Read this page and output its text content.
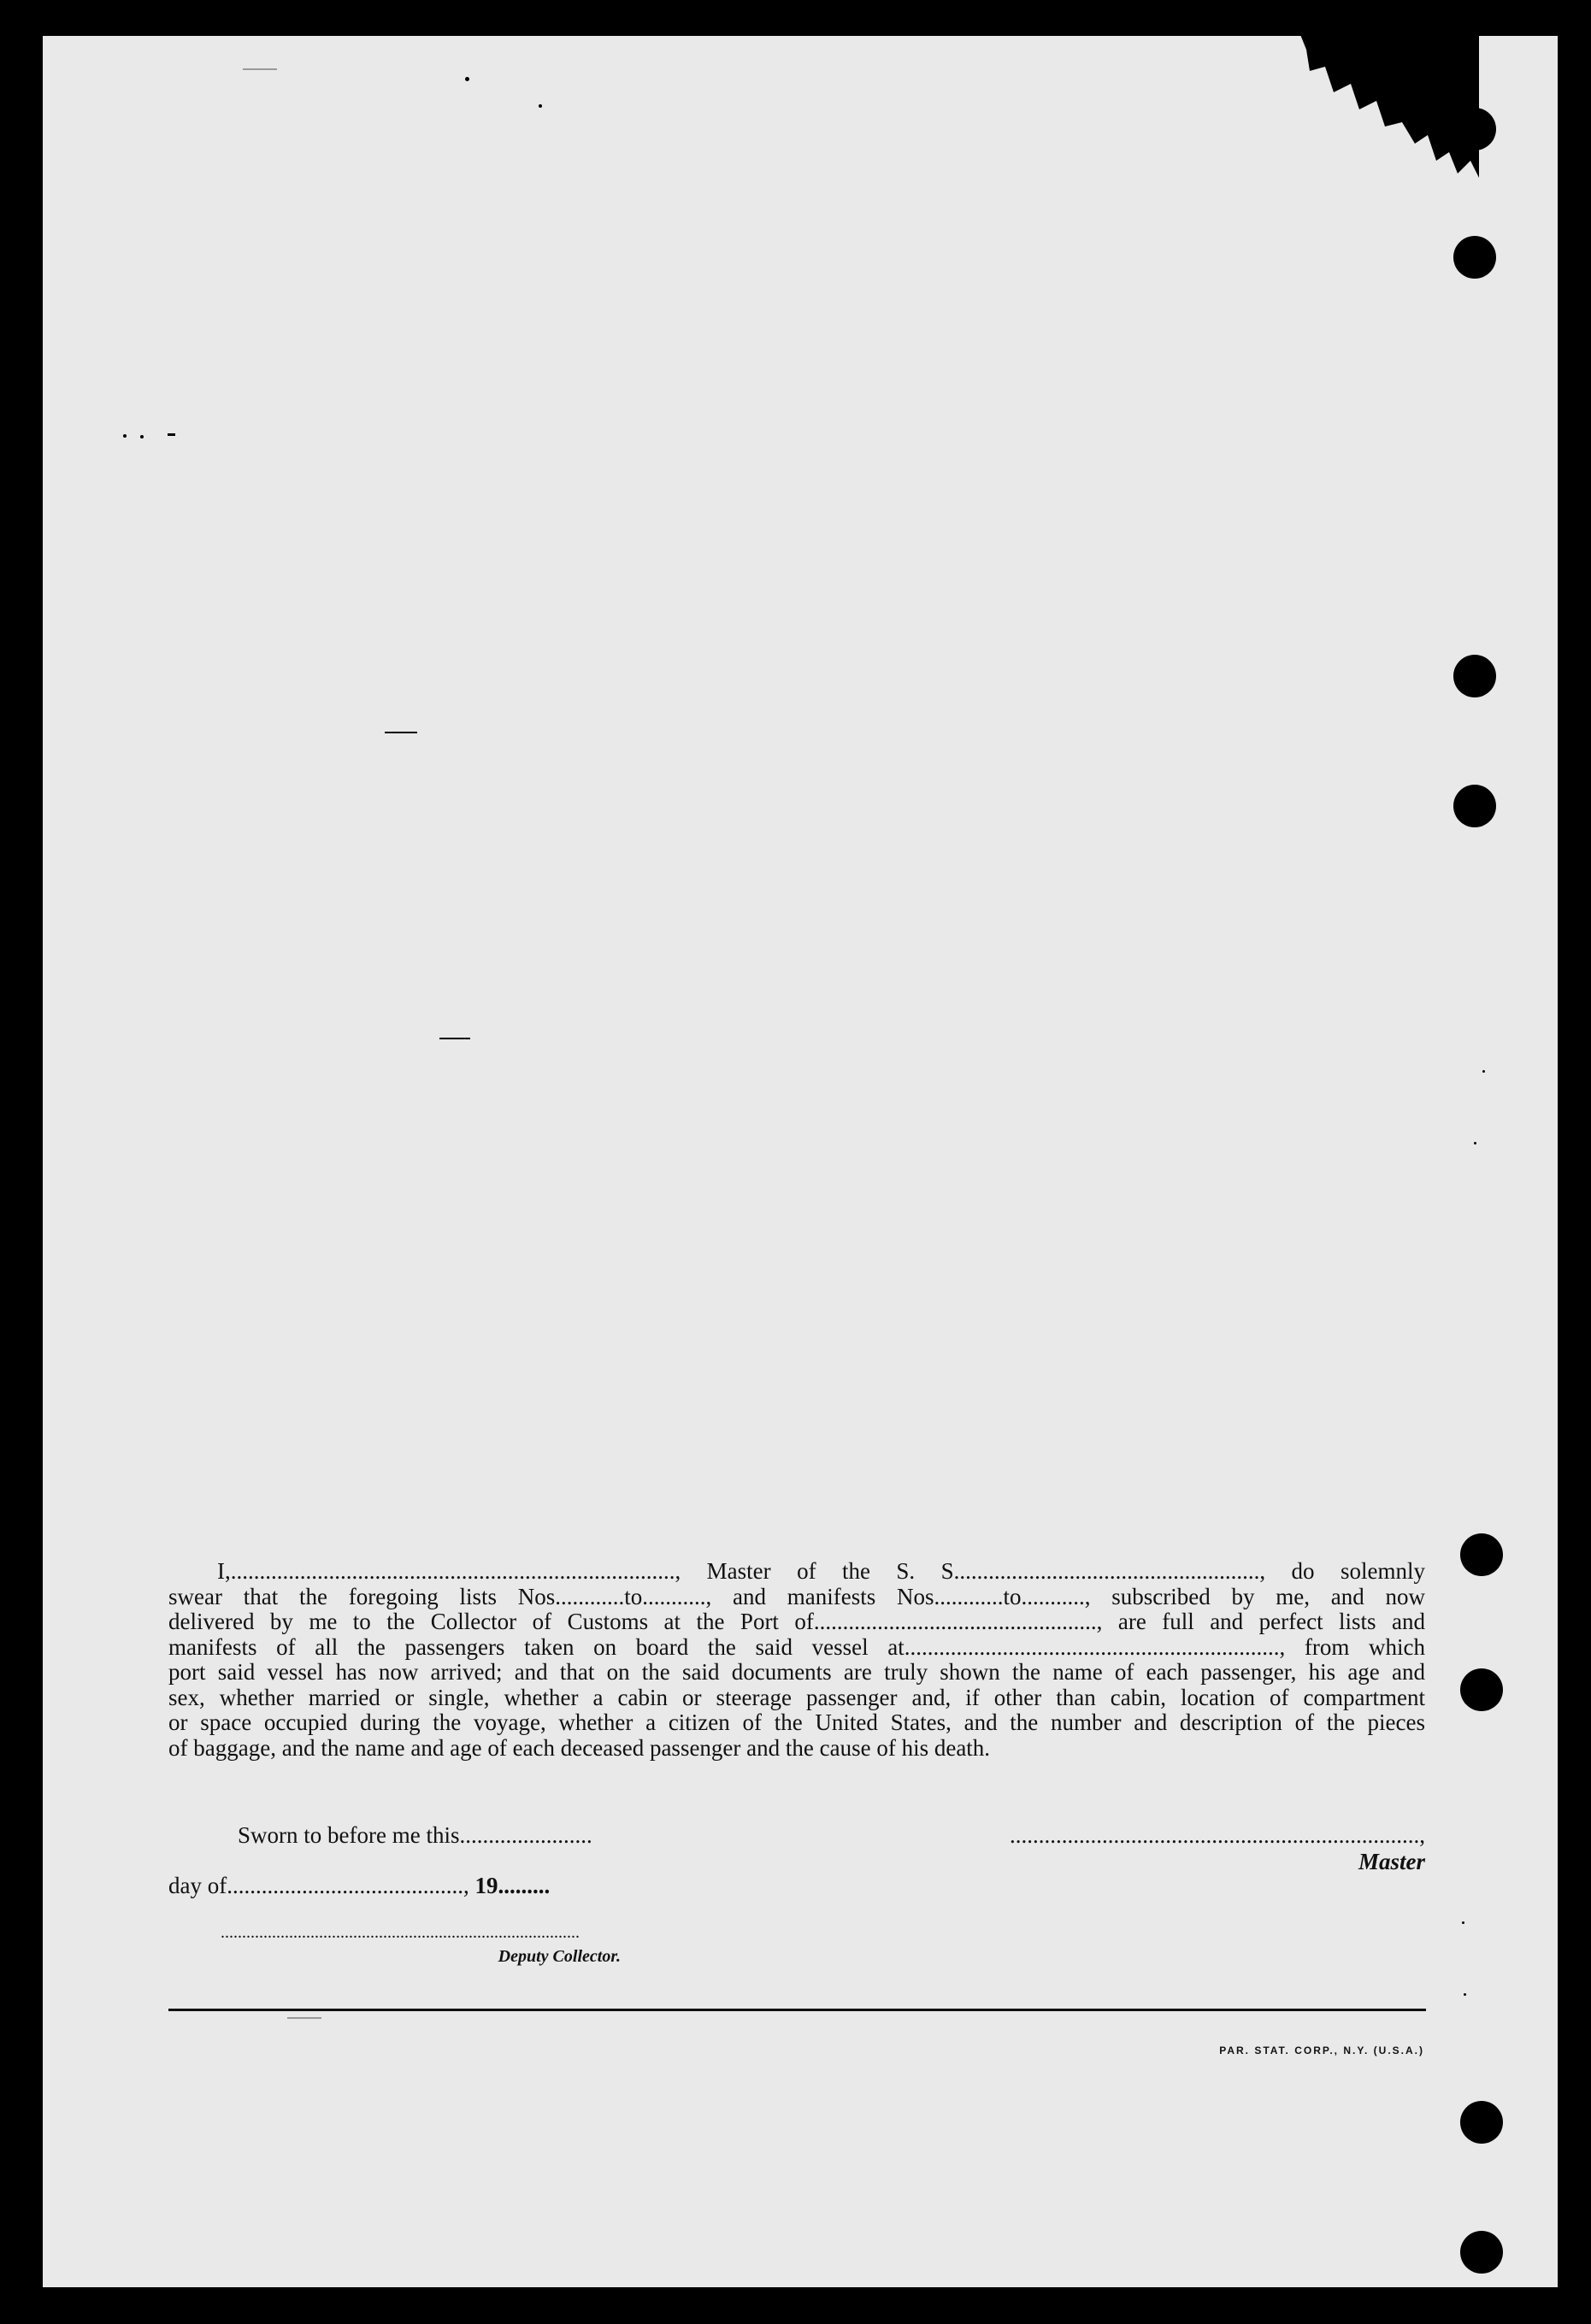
I,............................................................................., Master of the S. S....................................................., do solemnly
swear that the foregoing lists Nos............to..........., and manifests Nos............to..........., subscribed by me, and now
delivered by me to the Collector of Customs at the Port of................................................., are full and perfect lists and
manifests of all the passengers taken on board the said vessel at................................................................., from which
port said vessel has now arrived; and that on the said documents are truly shown the name of each passenger, his age and
sex, whether married or single, whether a cabin or steerage passenger and, if other than cabin, location of compartment
or space occupied during the voyage, whether a citizen of the United States, and the number and description of the pieces
of baggage, and the name and age of each deceased passenger and the cause of his death.
Sworn to before me this.......................	......................................................................., Master
day of........................................., 19.........
....................................................................................
Deputy Collector.
PAR. STAT. CORP., N.Y. (U.S.A.)
